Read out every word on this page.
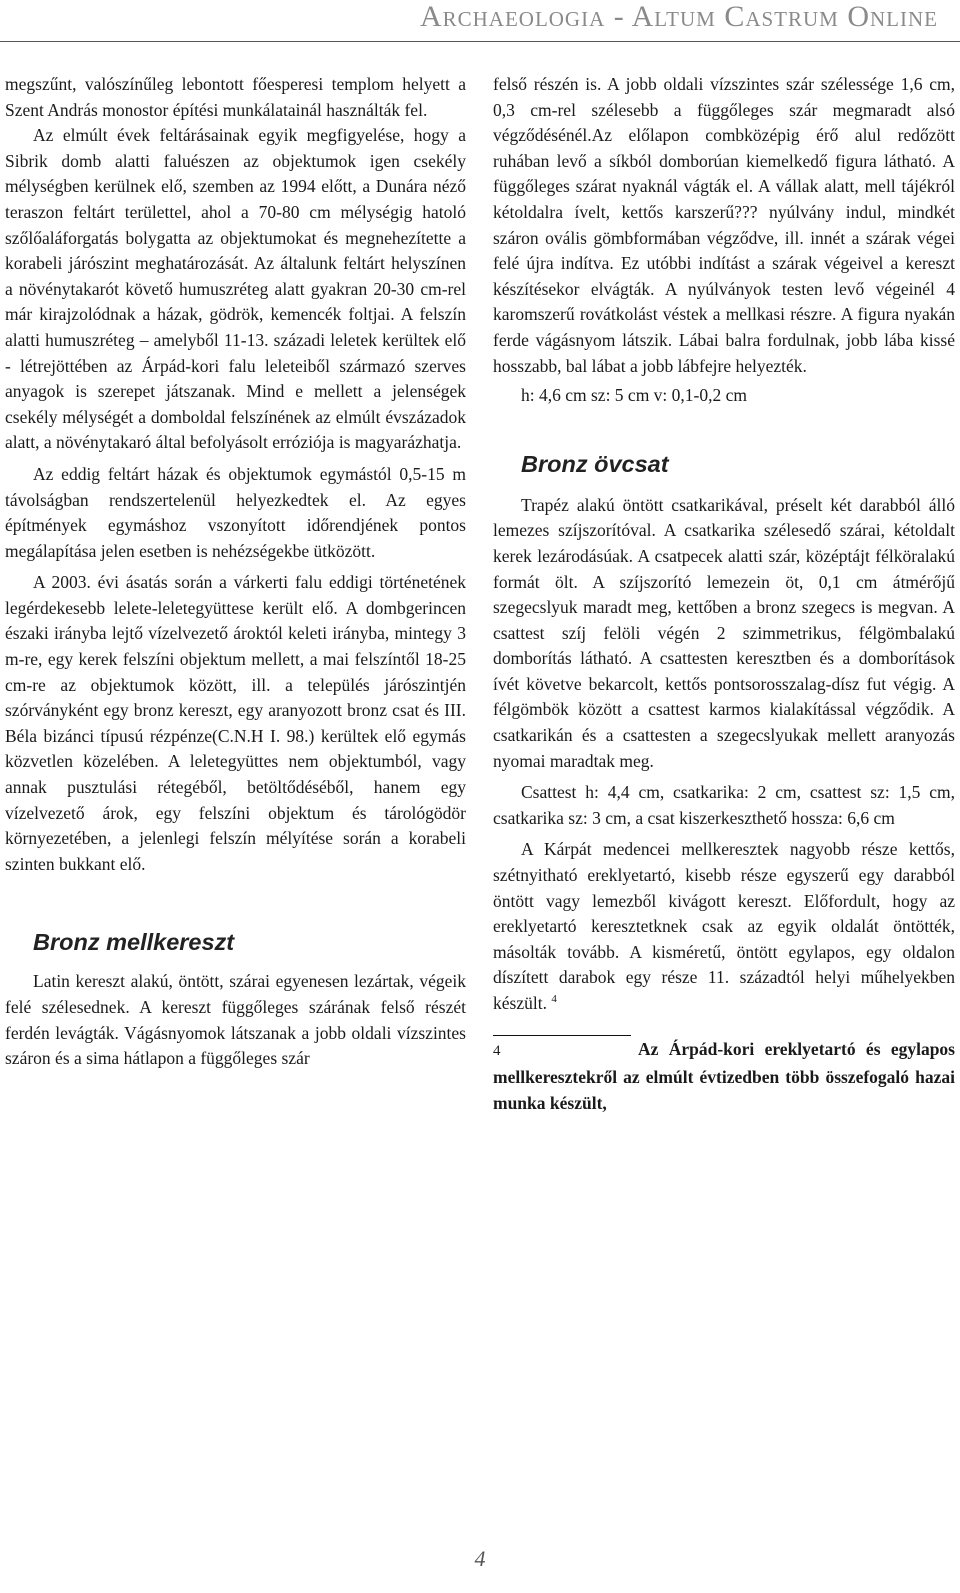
Archaeologia - Altum Castrum Online

megszűnt, valószínűleg lebontott főesperesi templom helyett a Szent András monostor építési munkálatainál használták fel.

Az elmúlt évek feltárásainak egyik megfigyelése, hogy a Sibrik domb alatti faluészen az objektumok igen csekély mélységben kerülnek elő, szemben az 1994 előtt, a Dunára néző teraszon feltárt területtel, ahol a 70-80 cm mélységig hatoló szőlőaláforgatás bolygatta az objektumokat és megnehezítette a korabeli járószint meghatározását. Az általunk feltárt helyszínen a növénytakarót követő humuszréteg alatt gyakran 20-30 cm-rel már kirajzolódnak a házak, gödrök, kemencék foltjai. A felszín alatti humuszréteg – amelyből 11-13. századi leletek kerültek elő - létrejöttében az Árpád-kori falu leleteiből származó szerves anyagok is szerepet játszanak. Mind e mellett a jelenségek csekély mélységét a domboldal felszínének az elmúlt évszázadok alatt, a növénytakaró által befolyásolt erróziója is magyarázhatja.

Az eddig feltárt házak és objektumok egymástól 0,5-15 m távolságban rendszertelenül helyezkedtek el. Az egyes építmények egymáshoz vszonyított időrendjének pontos megálapítása jelen esetben is nehézségekbe ütközött.

A 2003. évi ásatás során a várkerti falu eddigi történetének legérdekesebb lelete-leletegyüttese került elő. A dombgerincen északi irányba lejtő vízelvezető ároktól keleti irányba, mintegy 3 m-re, egy kerek felszíni objektum mellett, a mai felszíntől 18-25 cm-re az objektumok között, ill. a település járószintjén szórványként egy bronz kereszt, egy aranyozott bronz csat és III. Béla bizánci típusú rézpénze(C.N.H I. 98.) kerültek elő egymás közvetlen közelében. A leletegyüttes nem objektumból, vagy annak pusztulási rétegéből, betöltődéséből, hanem egy vízelvezető árok, egy felszíni objektum és tárológödör környezetében, a jelenlegi felszín mélyítése során a korabeli szinten bukkant elő.

Bronz mellkereszt

Latin kereszt alakú, öntött, szárai egyenesen lezártak, végeik felé szélesednek. A kereszt függőleges szárának felső részét ferdén levágták. Vágásnyomok látszanak a jobb oldali vízszintes száron és a sima hátlapon a függőleges szár

felső részén is. A jobb oldali vízszintes szár szélessége 1,6 cm, 0,3 cm-rel szélesebb a függőleges szár megmaradt alsó végződésénél.Az előlapon combközépig érő alul redőzött ruhában levő a síkból domborúan kiemelkedő figura látható. A függőleges szárat nyaknál vágták el. A vállak alatt, mell tájékról kétoldalra ívelt, kettős karszerű??? nyúlvány indul, mindkét száron ovális gömbformában végződve, ill. innét a szárak végei felé újra indítva. Ez utóbbi indítást a szárak végeivel a kereszt készítésekor elvágták. A nyúlványok testen levő végeinél 4 karomszerű rovátkolást véstek a mellkasi részre. A figura nyakán ferde vágásnyom látszik. Lábai balra fordulnak, jobb lába kissé hosszabb, bal lábat a jobb lábfejre helyezték.

h: 4,6 cm sz: 5 cm v: 0,1-0,2 cm

Bronz övcsat

Trapéz alakú öntött csatkarikával, préselt két darabból álló lemezes szíjszorítóval. A csatkarika szélesedő szárai, kétoldalt kerek lezárodásúak. A csatpecek alatti szár, középtájt félköralakú formát ölt. A szíjszorító lemezein öt, 0,1 cm átmérőjű szegecslyuk maradt meg, kettőben a bronz szegecs is megvan. A csattest szíj felöli végén 2 szimmetrikus, félgömbalakú domborítás látható. A csattesten keresztben és a domborítások ívét követve bekarcolt, kettős pontsorosszalag-dísz fut végig. A félgömbök között a csattest karmos kialakítással végződik. A csatkarikán és a csattesten a szegecslyukak mellett aranyozás nyomai maradtak meg.

Csattest h: 4,4 cm, csatkarika: 2 cm, csattest sz: 1,5 cm, csatkarika sz: 3 cm, a csat kiszerkeszthető hossza: 6,6 cm

A Kárpát medencei mellkeresztek nagyobb része kettős, szétnyitható ereklyetartó, kisebb része egyszerű egy darabból öntött vagy lemezből kivágott kereszt. Előfordult, hogy az ereklyetartó keresztetknek csak az egyik oldalát öntötték, másolták tovább. A kisméretű, öntött egylapos, egy oldalon díszített darabok egy része 11. századtól helyi műhelyekben készült. $^4$

4	Az Árpád-kori ereklyetartó és egylapos mellkeresztekről az elmúlt évtizedben több összefogaló hazai munka készült,

4
